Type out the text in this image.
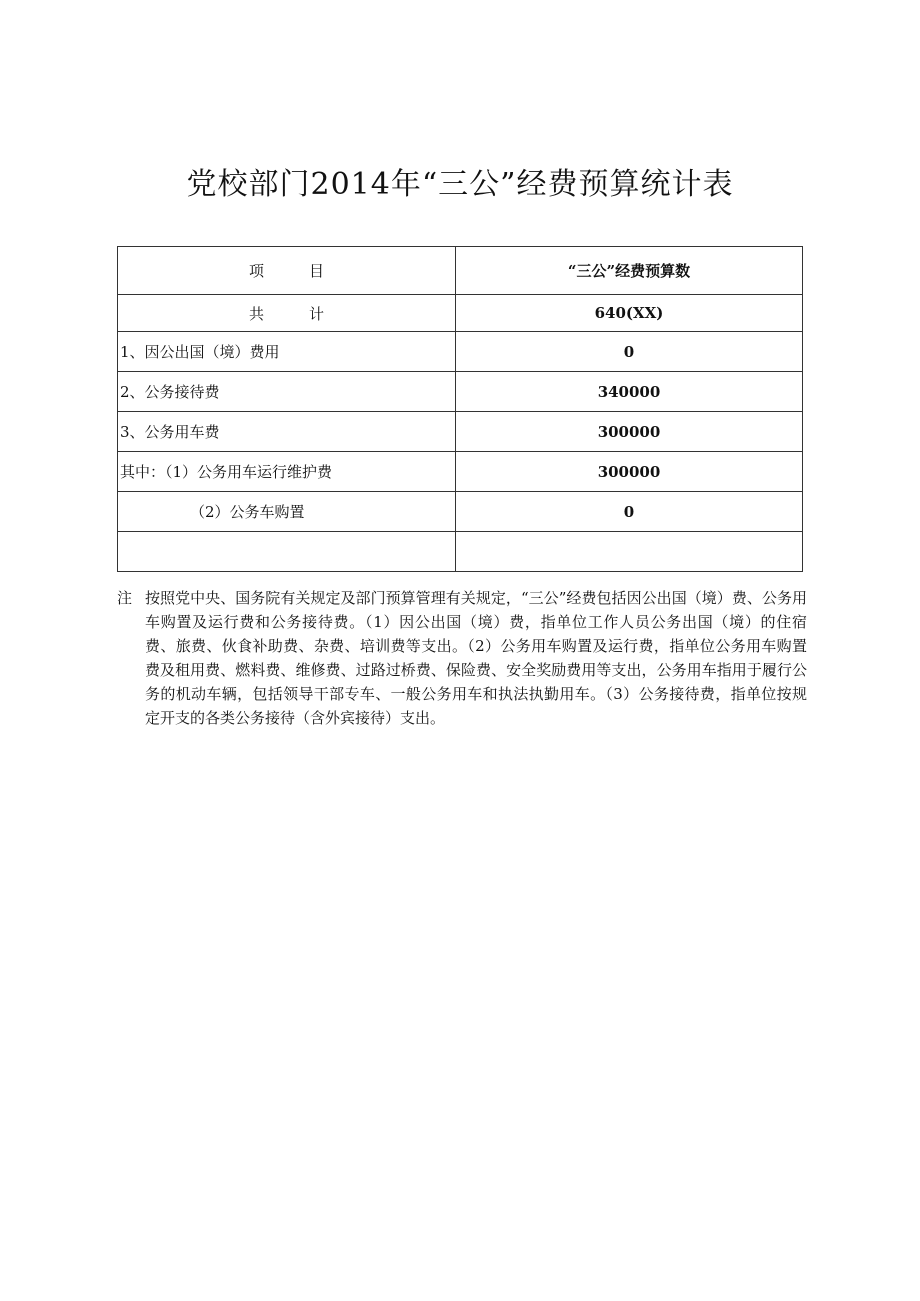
党校部门2014年“三公”经费预算统计表
项　　　目	“三公”经费预算数
共　　　计	640(XX)
1、因公出国（境）费用	0
2、公务接待费	340000
3、公务用车费	300000
其中：（1）公务用车运行维护费	300000
（2）公务车购置	0

注 按照党中央、国务院有关规定及部门预算管理有关规定，“三公”经费包括因公出国（境）费、公务用车购置及运行费和公务接待费。（1）因公出国（境）费，指单位工作人员公务出国（境）的住宿费、旅费、伙食补助费、杂费、培训费等支出。（2）公务用车购置及运行费，指单位公务用车购置费及租用费、燃料费、维修费、过路过桥费、保险费、安全奖励费用等支出，公务用车指用于履行公务的机动车辆，包括领导干部专车、一般公务用车和执法执勤用车。（3）公务接待费，指单位按规定开支的各类公务接待（含外宾接待）支出。
